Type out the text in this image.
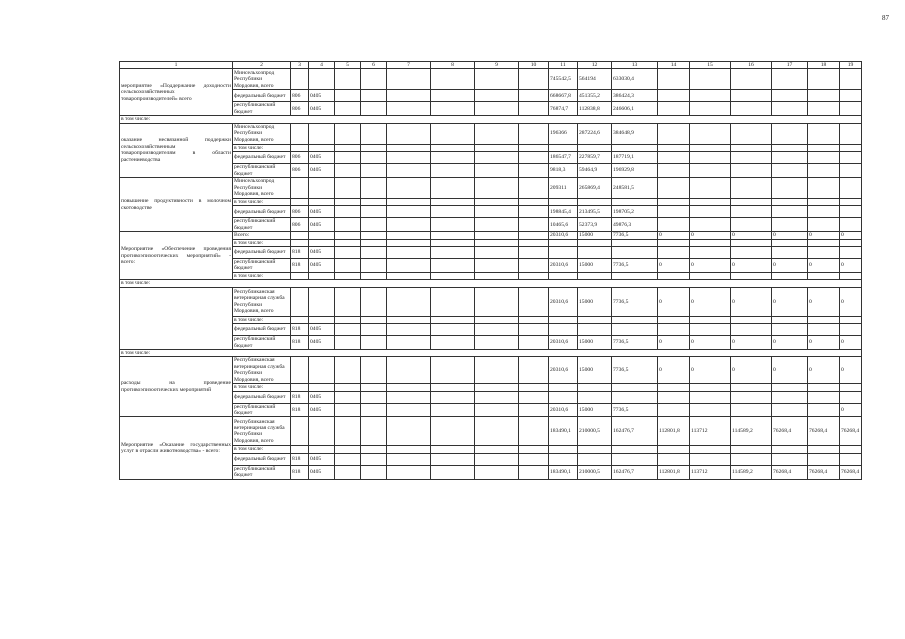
87
1	2	3	4	5	6	7	8	9	10	11	12	13	14	15	16	17	18	19
мероприятие «Поддержание доходности сельскохозяйственных товаропроизводителей» всего	Минсельхозпрод Республики Мордовия, всего									745542,5	564194	633030,4						
	федеральный бюджет	806	0405							668667,8	451355,2	386424,3						
	республиканский бюджет	806	0405							76874,7	112838,8	246606,1						
в том числе:																		
оказание несвязанной поддержки сельскохозяйственным товаропроизводителям в области растениеводства	Минсельхозпрод Республики Мордовия, всего									196366	287224,6	384648,9						
	в том числе:																	
	федеральный бюджет	806	0405							186547,7	227859,7	187719,1						
	республиканский бюджет	806	0405							9818,3	59464,9	196929,8						
повышение продуктивности в молочном скотоводстве	Минсельхозпрод Республики Мордовия, всего									209311	265869,4	248581,5						
	в том числе:																	
	федеральный бюджет	806	0405							198845,4	213495,5	198705,2						
	республиканский бюджет	806	0405							10465,6	52373,9	49876,3						
Мероприятие «Обеспечение проведения противоэпизоотических мероприятий» - всего:	Всего:									20310,6	15000	7736,5	0	0	0	0	0	0
	в том числе:																	
	федеральный бюджет	818	0405															
	республиканский бюджет	818	0405							20310,6	15000	7736,5	0	0	0	0	0	0
	в том числе:																	
в том числе:																		
	Республиканская ветеринарная служба Республики Мордовия, всего									20310,6	15000	7736,5	0	0	0	0	0	0
	в том числе:																	
	федеральный бюджет	818	0405															
	республиканский бюджет	818	0405							20310,6	15000	7736,5	0	0	0	0	0	0
в том числе:																		
расходы на проведение противоэпизоотических мероприятий	Республиканская ветеринарная служба Республики Мордовия, всего									20310,6	15000	7736,5	0	0	0	0	0	0
	в том числе:																	
	федеральный бюджет	818	0405															
	республиканский бюджет	818	0405							20310,6	15000	7736,5						0
Мероприятие «Оказание государственных услуг в отрасли животноводства» - всего:	Республиканская ветеринарная служба Республики Мордовия, всего									183490,1	210000,5	162476,7	112801,8	113712	114589,2	76268,4	76268,4	76268,4
	в том числе:																	
	федеральный бюджет	818	0405															
	республиканский бюджет	818	0405							183490,1	210000,5	162476,7	112801,8	113712	114589,2	76268,4	76268,4	76268,4
